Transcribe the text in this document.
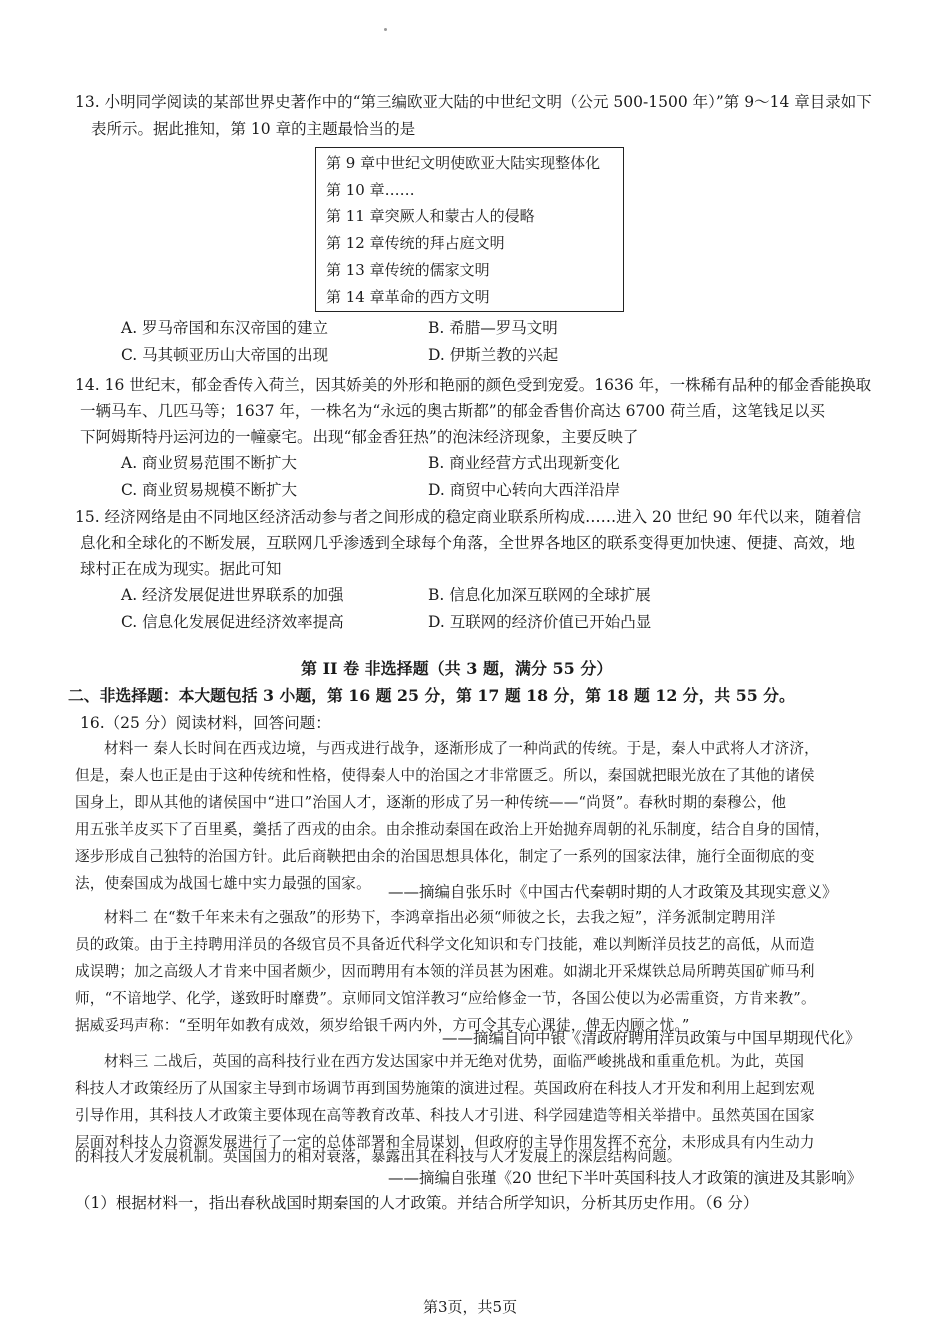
13. 小明同学阅读的某部世界史著作中的“第三编欧亚大陆的中世纪文明（公元 500-1500 年）”第 9～14 章目录如下
表所示。据此推知，第 10 章的主题最恰当的是
第 9 章中世纪文明使欧亚大陆实现整体化
第 10 章……
第 11 章突厥人和蒙古人的侵略
第 12 章传统的拜占庭文明
第 13 章传统的儒家文明
第 14 章革命的西方文明
A. 罗马帝国和东汉帝国的建立	B. 希腊—罗马文明
C. 马其顿亚历山大帝国的出现	D. 伊斯兰教的兴起
14. 16 世纪末，郁金香传入荷兰，因其娇美的外形和艳丽的颜色受到宠爱。1636 年，一株稀有品种的郁金香能换取
一辆马车、几匹马等；1637 年，一株名为“永远的奥古斯都”的郁金香售价高达 6700 荷兰盾，这笔钱足以买
下阿姆斯特丹运河边的一幢豪宅。出现“郁金香狂热”的泡沫经济现象，主要反映了
A. 商业贸易范围不断扩大	B. 商业经营方式出现新变化
C. 商业贸易规模不断扩大	D. 商贸中心转向大西洋沿岸
15. 经济网络是由不同地区经济活动参与者之间形成的稳定商业联系所构成……进入 20 世纪 90 年代以来，随着信
息化和全球化的不断发展，互联网几乎渗透到全球每个角落，全世界各地区的联系变得更加快速、便捷、高效，地
球村正在成为现实。据此可知
A. 经济发展促进世界联系的加强	B. 信息化加深互联网的全球扩展
C. 信息化发展促进经济效率提高	D. 互联网的经济价值已开始凸显
第 II 卷 非选择题（共 3 题，满分 55 分）
二、非选择题：本大题包括 3 小题，第 16 题 25 分，第 17 题 18 分，第 18 题 12 分，共 55 分。
16.（25 分）阅读材料，回答问题：
材料一 秦人长时间在西戎边境，与西戎进行战争，逐渐形成了一种尚武的传统。于是，秦人中武将人才济济，
但是，秦人也正是由于这种传统和性格，使得秦人中的治国之才非常匮乏。所以，秦国就把眼光放在了其他的诸侯
国身上，即从其他的诸侯国中“进口”治国人才，逐渐的形成了另一种传统——“尚贤”。春秋时期的秦穆公，他
用五张羊皮买下了百里奚，羹括了西戎的由余。由余推动秦国在政治上开始抛弃周朝的礼乐制度，结合自身的国情，
逐步形成自己独特的治国方针。此后商鞅把由余的治国思想具体化，制定了一系列的国家法律，施行全面彻底的变
法，使秦国成为战国七雄中实力最强的国家。 ——摘编自张乐时《中国古代秦朝时期的人才政策及其现实意义》
材料二 在“数千年来未有之强敌”的形势下，李鸿章指出必须“师彼之长，去我之短”，洋务派制定聘用洋
员的政策。由于主持聘用洋员的各级官员不具备近代科学文化知识和专门技能，难以判断洋员技艺的高低，从而造
成误聘；加之高级人才肯来中国者颇少，因而聘用有本领的洋员甚为困难。如湖北开采煤铁总局所聘英国矿师马利
师，“不谙地学、化学，遂致盱时靡费”。京师同文馆洋教习“应给修金一节，各国公使以为必需重资，方肯来教”。
据威妥玛声称：“至明年如教有成效，须岁给银千两内外，方可令其专心课徒，俾无内顾之忧。”
——摘编自向中银《清政府聘用洋员政策与中国早期现代化》
材料三 二战后，英国的高科技行业在西方发达国家中并无绝对优势，面临严峻挑战和重重危机。为此，英国
科技人才政策经历了从国家主导到市场调节再到国势施策的演进过程。英国政府在科技人才开发和利用上起到宏观
引导作用，其科技人才政策主要体现在高等教育改革、科技人才引进、科学园建造等相关举措中。虽然英国在国家
层面对科技人力资源发展进行了一定的总体部署和全局谋划，但政府的主导作用发挥不充分，未形成具有内生动力
的科技人才发展机制。英国国力的相对衰落，暴露出其在科技与人才发展上的深层结构问题。
——摘编自张瑾《20 世纪下半叶英国科技人才政策的演进及其影响》
（1）根据材料一，指出春秋战国时期秦国的人才政策。并结合所学知识，分析其历史作用。（6 分）
第3页，共5页
